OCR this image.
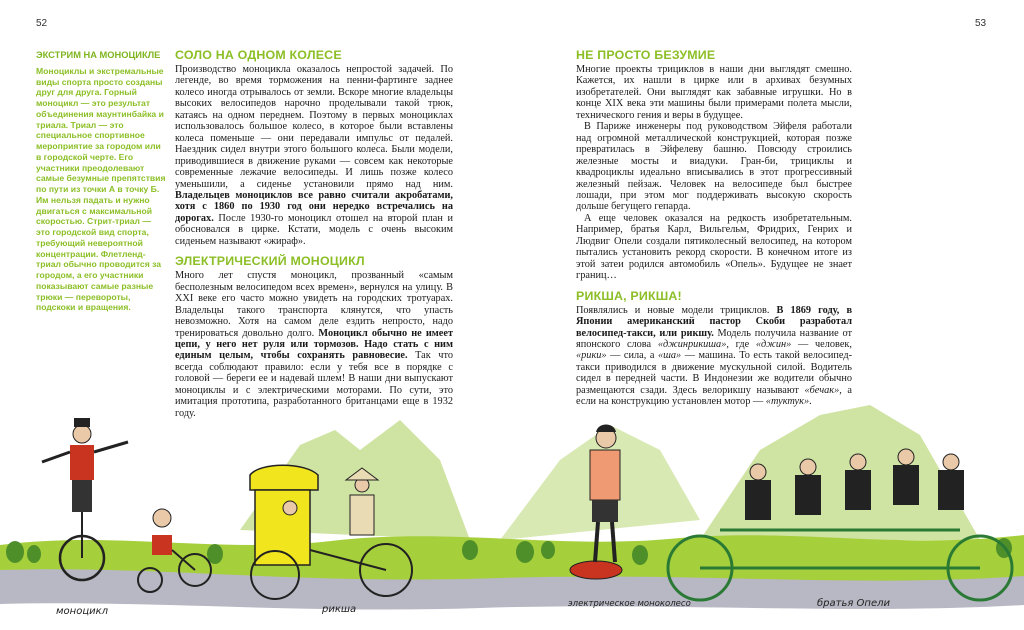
52	53
ЭКСТРИМ НА МОНОЦИКЛЕ
Моноциклы и экстремальные виды спорта просто созданы друг для друга. Горный моноцикл — это результат объединения маунтинбайка и триала. Триал — это специальное спортивное мероприятие за городом или в городской черте. Его участники преодолевают самые безумные препятствия по пути из точки А в точку Б. Им нельзя падать и нужно двигаться с максимальной скоростью. Стрит-триал — это городской вид спорта, требующий невероятной концентрации. Флетленд-триал обычно проводится за городом, а его участники показывают самые разные трюки — перевороты, подскоки и вращения.
СОЛО НА ОДНОМ КОЛЕСЕ

Производство моноцикла оказалось непростой задачей. По легенде, во время торможения на пенни-фартинге заднее колесо иногда отрывалось от земли. Вскоре многие владельцы высоких велосипедов нарочно проделывали такой трюк, катаясь на одном переднем. Поэтому в первых моноциклах использовалось большое колесо, в которое были вставлены колеса поменьше — они передавали импульс от педалей. Наездник сидел внутри этого большого колеса. Были модели, приводившиеся в движение руками — совсем как некоторые современные лежачие велосипеды. И лишь позже колесо уменьшили, а сиденье установили прямо над ним. Владельцев моноциклов все равно считали акробатами, хотя с 1860 по 1930 год они нередко встречались на дорогах. После 1930-го моноцикл отошел на второй план и обосновался в цирке. Кстати, модель с очень высоким сиденьем называют «жираф».

ЭЛЕКТРИЧЕСКИЙ МОНОЦИКЛ

Много лет спустя моноцикл, прозванный «самым бесполезным велосипедом всех времен», вернулся на улицу. В XXI веке его часто можно увидеть на городских тротуарах. Владельцы такого транспорта клянутся, что упасть невозможно. Хотя на самом деле ездить непросто, надо тренироваться довольно долго. Моноцикл обычно не имеет цепи, у него нет руля или тормозов. Надо стать с ним единым целым, чтобы сохранять равновесие. Так что всегда соблюдают правило: если у тебя все в порядке с головой — береги ее и надевай шлем! В наши дни выпускают моноциклы и с электрическими моторами. По сути, это имитация прототипа, разработанного британцами еще в 1932 году.

НЕ ПРОСТО БЕЗУМИЕ

Многие проекты трициклов в наши дни выглядят смешно. Кажется, их нашли в цирке или в архивах безумных изобретателей. Они выглядят как забавные игрушки. Но в конце XIX века эти машины были примерами полета мысли, технического гения и веры в будущее.

В Париже инженеры под руководством Эйфеля работали над огромной металлической конструкцией, которая позже превратилась в Эйфелеву башню. Повсюду строились железные мосты и виадуки. Гран-би, трициклы и квадроциклы идеально вписывались в этот прогрессивный железный пейзаж. Человек на велосипеде был быстрее лошади, при этом мог поддерживать высокую скорость дольше бегущего гепарда.

А еще человек оказался на редкость изобретательным. Например, братья Карл, Вильгельм, Фридрих, Генрих и Людвиг Опели создали пятиколесный велосипед, на котором пытались установить рекорд скорости. В конечном итоге из этой затеи родился автомобиль «Опель». Будущее не знает границ…

РИКША, РИКША!

Появлялись и новые модели трициклов. В 1869 году, в Японии американский пастор Скоби разработал велосипед-такси, или рикшу. Модель получила название от японского слова «джинрикиша», где «джин» — человек, «рики» — сила, а «ша» — машина. То есть такой велосипед-такси приводился в движение мускульной силой. Водитель сидел в передней части. В Индонезии же водители обычно размещаются сзади. Здесь велорикшу называют «бечак», а если на конструкцию установлен мотор — «туктук».

моноцикл	рикша	электрическое моноколесо	братья Опели
